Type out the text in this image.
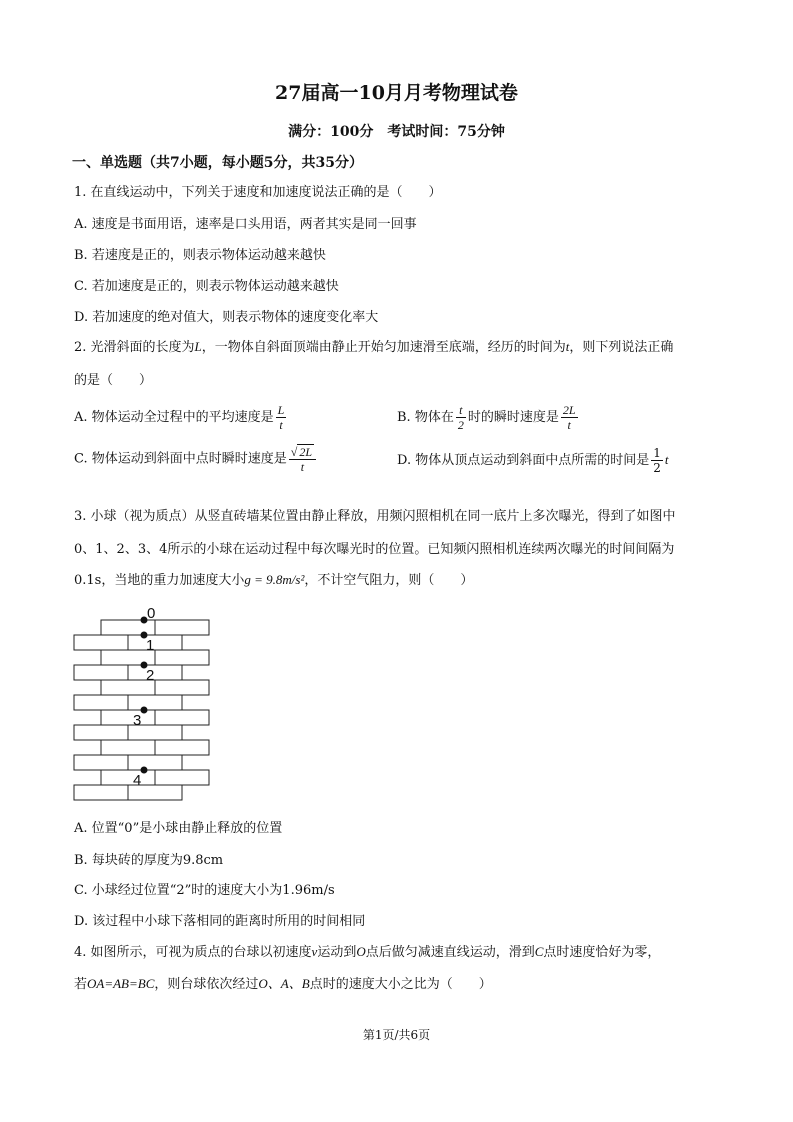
27届高一10月月考物理试卷
满分：100分　考试时间：75分钟
一、单选题（共7小题，每小题5分，共35分）
1. 在直线运动中，下列关于速度和加速度说法正确的是（　　）
A. 速度是书面用语，速率是口头用语，两者其实是同一回事
B. 若速度是正的，则表示物体运动越来越快
C. 若加速度是正的，则表示物体运动越来越快
D. 若加速度的绝对值大，则表示物体的速度变化率大
2. 光滑斜面的长度为L，一物体自斜面顶端由静止开始匀加速滑至底端，经历的时间为t，则下列说法正确
的是（　　）
A. 物体运动全过程中的平均速度是 $\frac{L}{t}$	B. 物体在 $\frac{t}{2}$ 时的瞬时速度是 $\frac{2L}{t}$
C. 物体运动到斜面中点时瞬时速度是 $\frac{√ 2L}{t}$	D. 物体从顶点运动到斜面中点所需的时间是 $\frac{1}{2}$ t
3. 小球（视为质点）从竖直砖墙某位置由静止释放，用频闪照相机在同一底片上多次曝光，得到了如图中
0、1、2、3、4所示的小球在运动过程中每次曝光时的位置。已知频闪照相机连续两次曝光的时间间隔为
0.1s，当地的重力加速度大小g = 9.8m/s²，不计空气阻力，则（　　）
0
1
2
3
4
A. 位置“0”是小球由静止释放的位置
B. 每块砖的厚度为9.8cm
C. 小球经过位置“2”时的速度大小为1.96m/s
D. 该过程中小球下落相同的距离时所用的时间相同
4. 如图所示，可视为质点的台球以初速度v运动到O点后做匀减速直线运动，滑到C点时速度恰好为零，
若OA=AB=BC，则台球依次经过O、A、B点时的速度大小之比为（　　）
第1页/共6页
